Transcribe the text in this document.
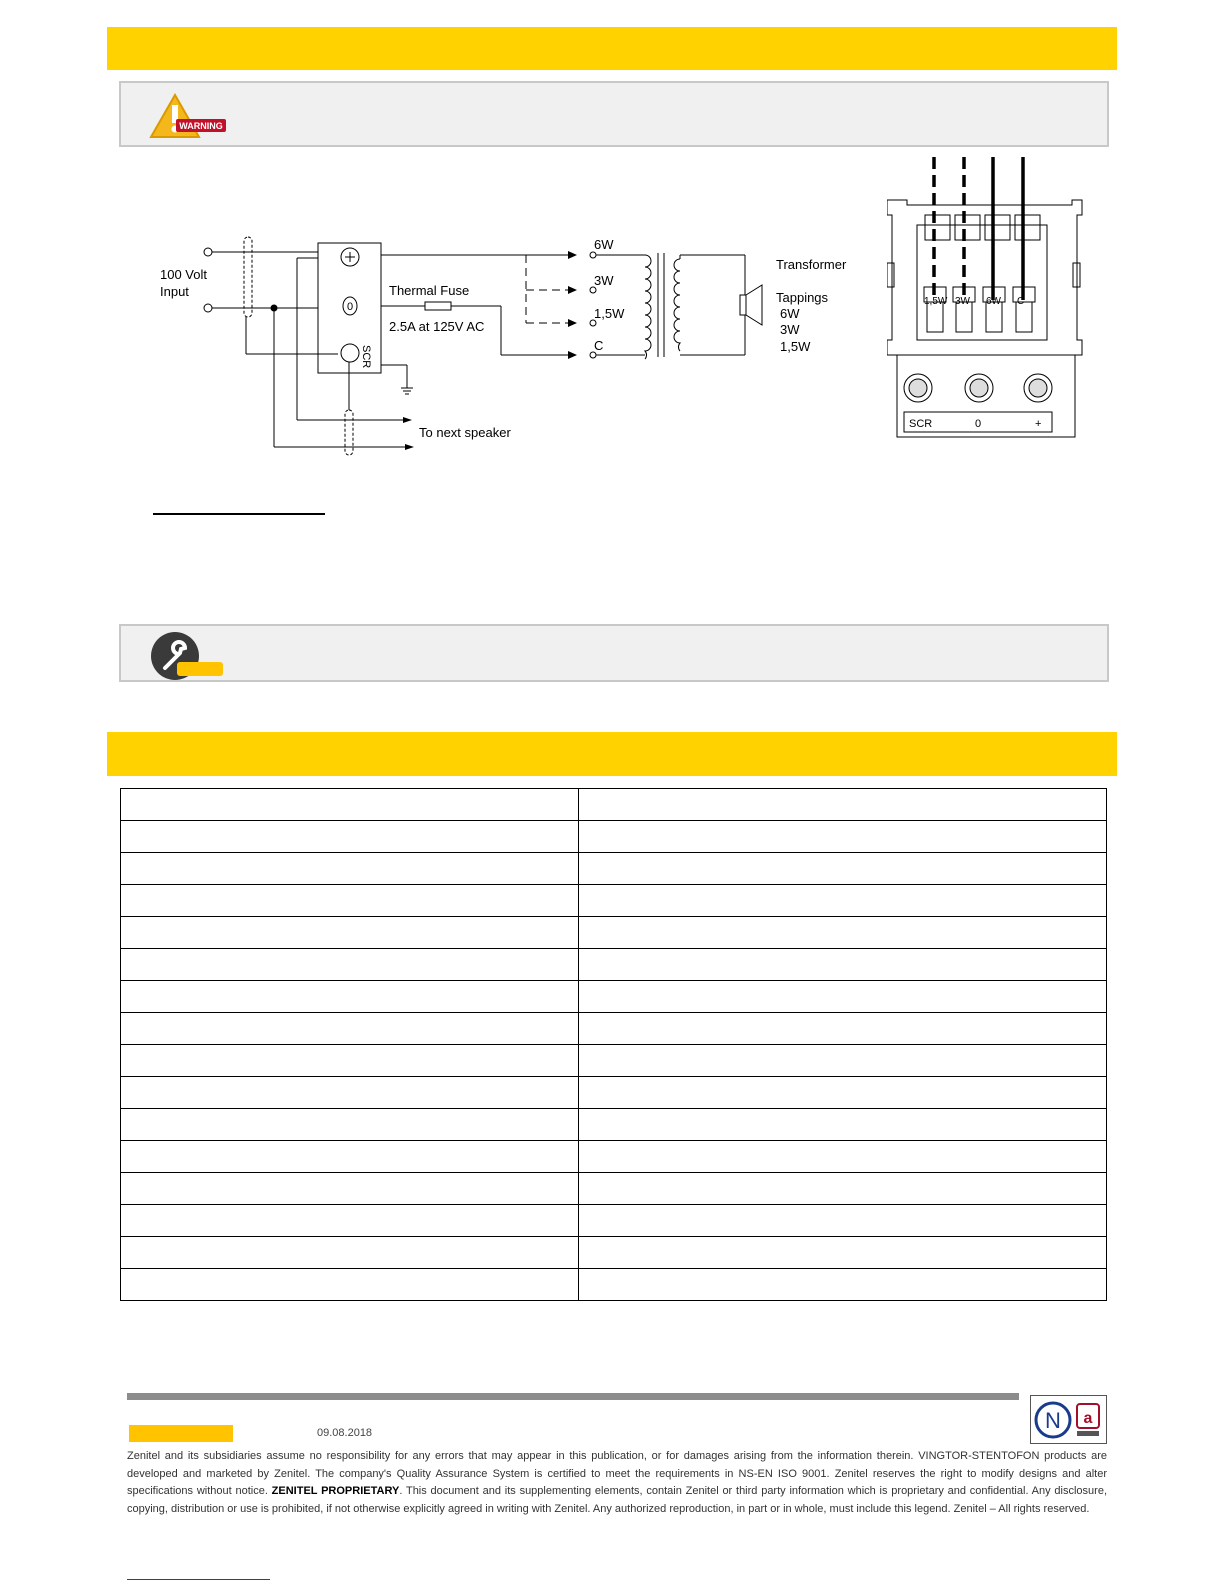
WARNING
100 Volt
Input
+
0
SCR
Thermal Fuse
2.5A at 125V AC
6W
3W
1,5W
C
Transformer
Tappings
6W
3W
1,5W
To next speaker
1,5W 3W 6W C
SCR	0	+

N a
09.08.2018
Zenitel and its subsidiaries assume no responsibility for any errors that may appear in this publication, or for damages arising from the information therein. VINGTOR-STENTOFON products are developed and marketed by Zenitel. The company's Quality Assurance System is certified to meet the requirements in NS-EN ISO 9001. Zenitel reserves the right to modify designs and alter specifications without notice. ZENITEL PROPRIETARY. This document and its supplementing elements, contain Zenitel or third party information which is proprietary and confidential. Any disclosure, copying, distribution or use is prohibited, if not otherwise explicitly agreed in writing with Zenitel. Any authorized reproduction, in part or in whole, must include this legend. Zenitel – All rights reserved.
